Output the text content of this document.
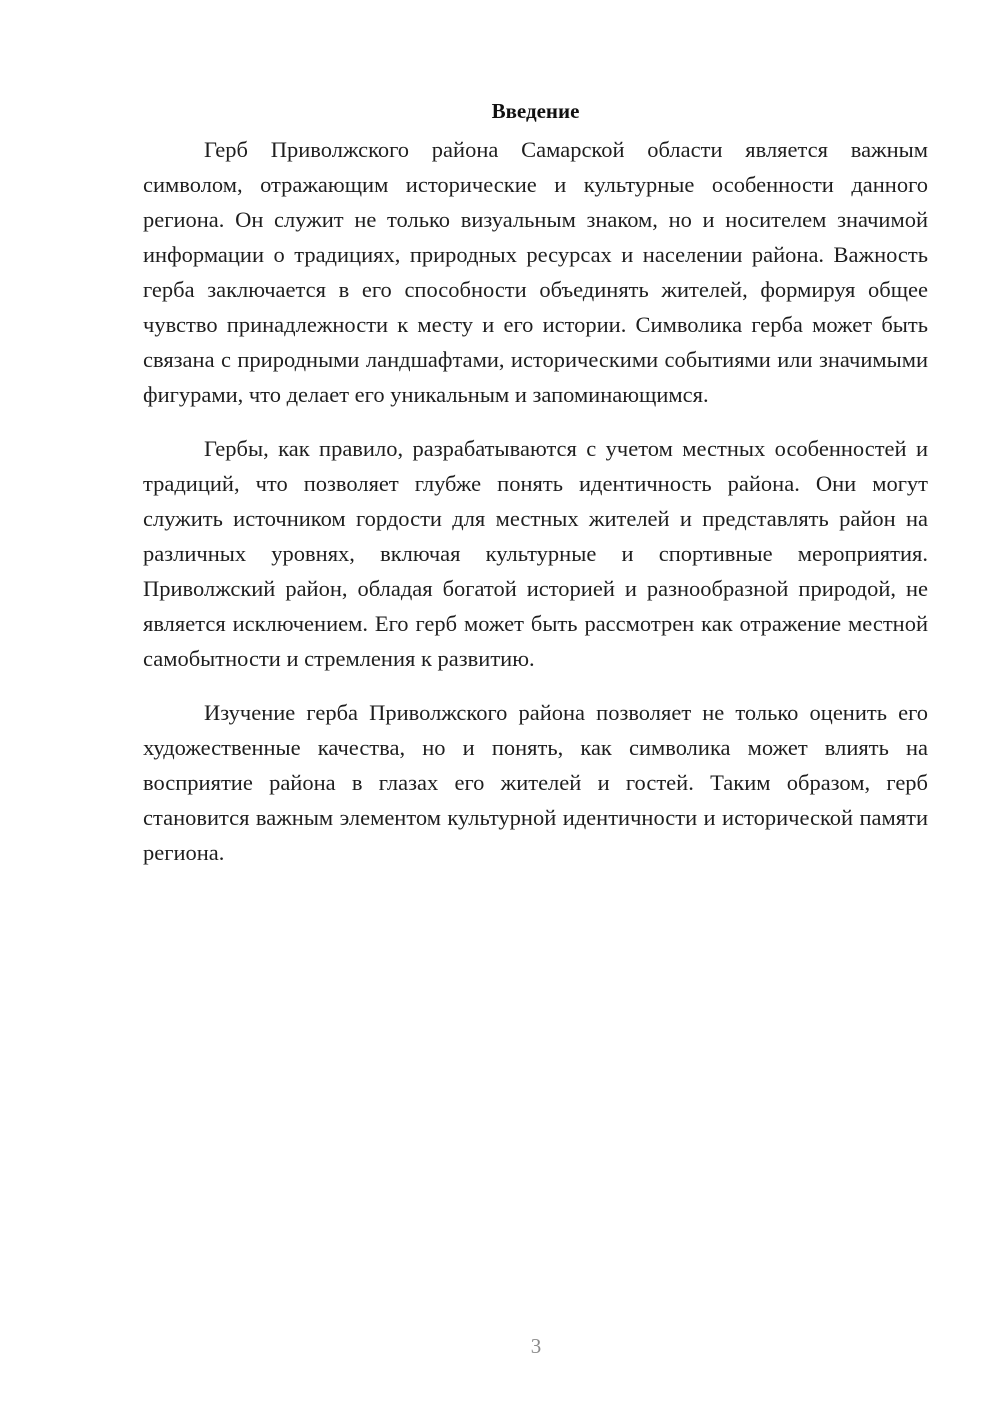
Введение

Герб Приволжского района Самарской области является важным символом, отражающим исторические и культурные особенности данного региона. Он служит не только визуальным знаком, но и носителем значимой информации о традициях, природных ресурсах и населении района. Важность герба заключается в его способности объединять жителей, формируя общее чувство принадлежности к месту и его истории. Символика герба может быть связана с природными ландшафтами, историческими событиями или значимыми фигурами, что делает его уникальным и запоминающимся.

Гербы, как правило, разрабатываются с учетом местных особенностей и традиций, что позволяет глубже понять идентичность района. Они могут служить источником гордости для местных жителей и представлять район на различных уровнях, включая культурные и спортивные мероприятия. Приволжский район, обладая богатой историей и разнообразной природой, не является исключением. Его герб может быть рассмотрен как отражение местной самобытности и стремления к развитию.

Изучение герба Приволжского района позволяет не только оценить его художественные качества, но и понять, как символика может влиять на восприятие района в глазах его жителей и гостей. Таким образом, герб становится важным элементом культурной идентичности и исторической памяти региона.

3
